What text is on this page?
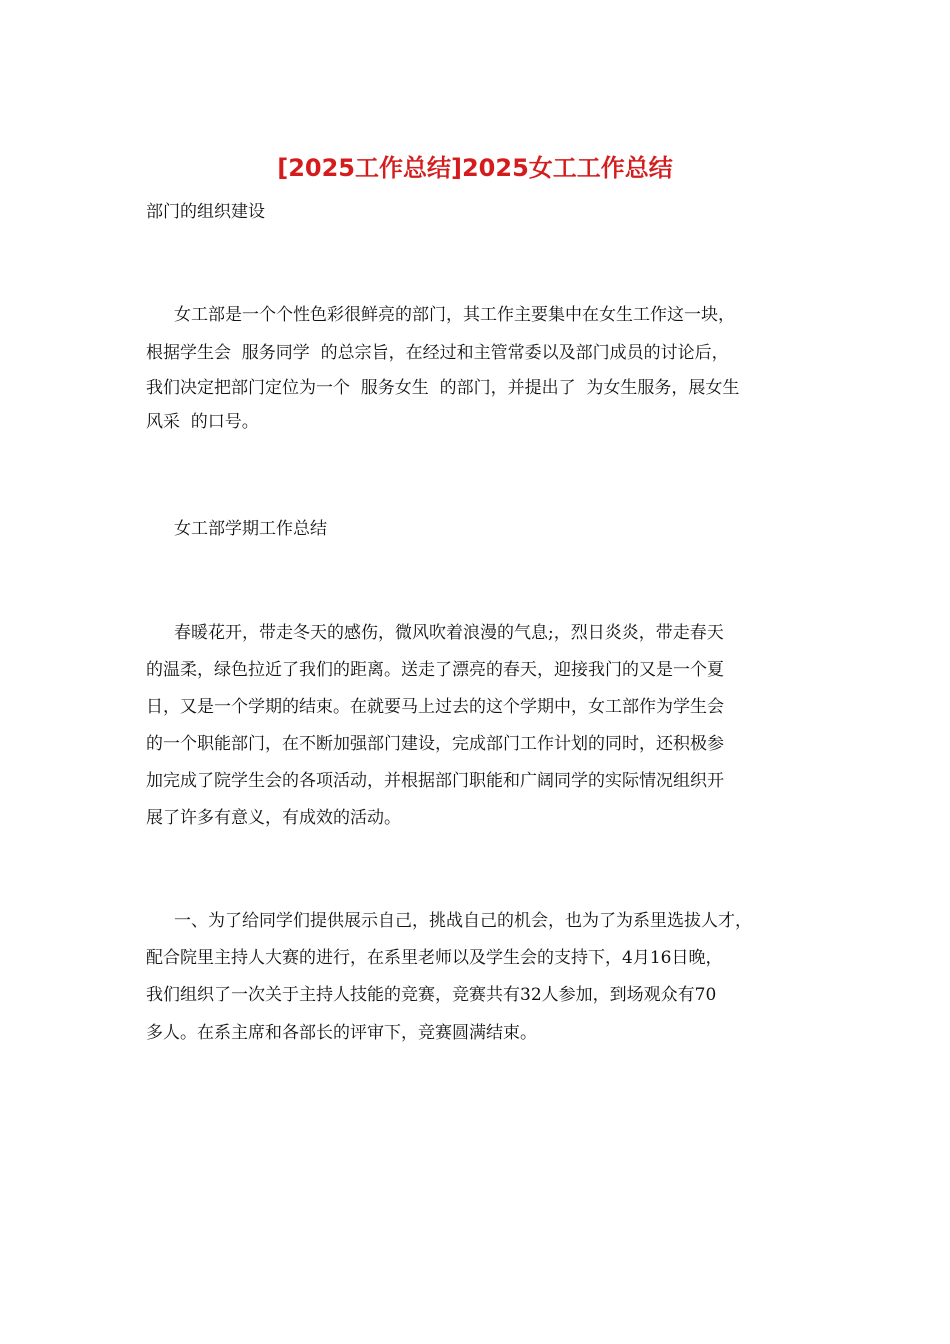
[2025工作总结]2025女工工作总结

部门的组织建设

女工部是一个个性色彩很鲜亮的部门，其工作主要集中在女生工作这一块，

根据学生会  服务同学  的总宗旨，在经过和主管常委以及部门成员的讨论后，

我们决定把部门定位为一个  服务女生  的部门，并提出了  为女生服务，展女生

风采  的口号。

女工部学期工作总结

春暖花开，带走冬天的感伤，微风吹着浪漫的气息;，烈日炎炎，带走春天

的温柔，绿色拉近了我们的距离。送走了漂亮的春天，迎接我门的又是一个夏

日，又是一个学期的结束。在就要马上过去的这个学期中，女工部作为学生会

的一个职能部门，在不断加强部门建设，完成部门工作计划的同时，还积极参

加完成了院学生会的各项活动，并根据部门职能和广阔同学的实际情况组织开

展了许多有意义，有成效的活动。

一、为了给同学们提供展示自己，挑战自己的机会，也为了为系里选拔人才，

配合院里主持人大赛的进行，在系里老师以及学生会的支持下，4月16日晚，

我们组织了一次关于主持人技能的竞赛，竞赛共有32人参加，到场观众有70

多人。在系主席和各部长的评审下，竞赛圆满结束。
